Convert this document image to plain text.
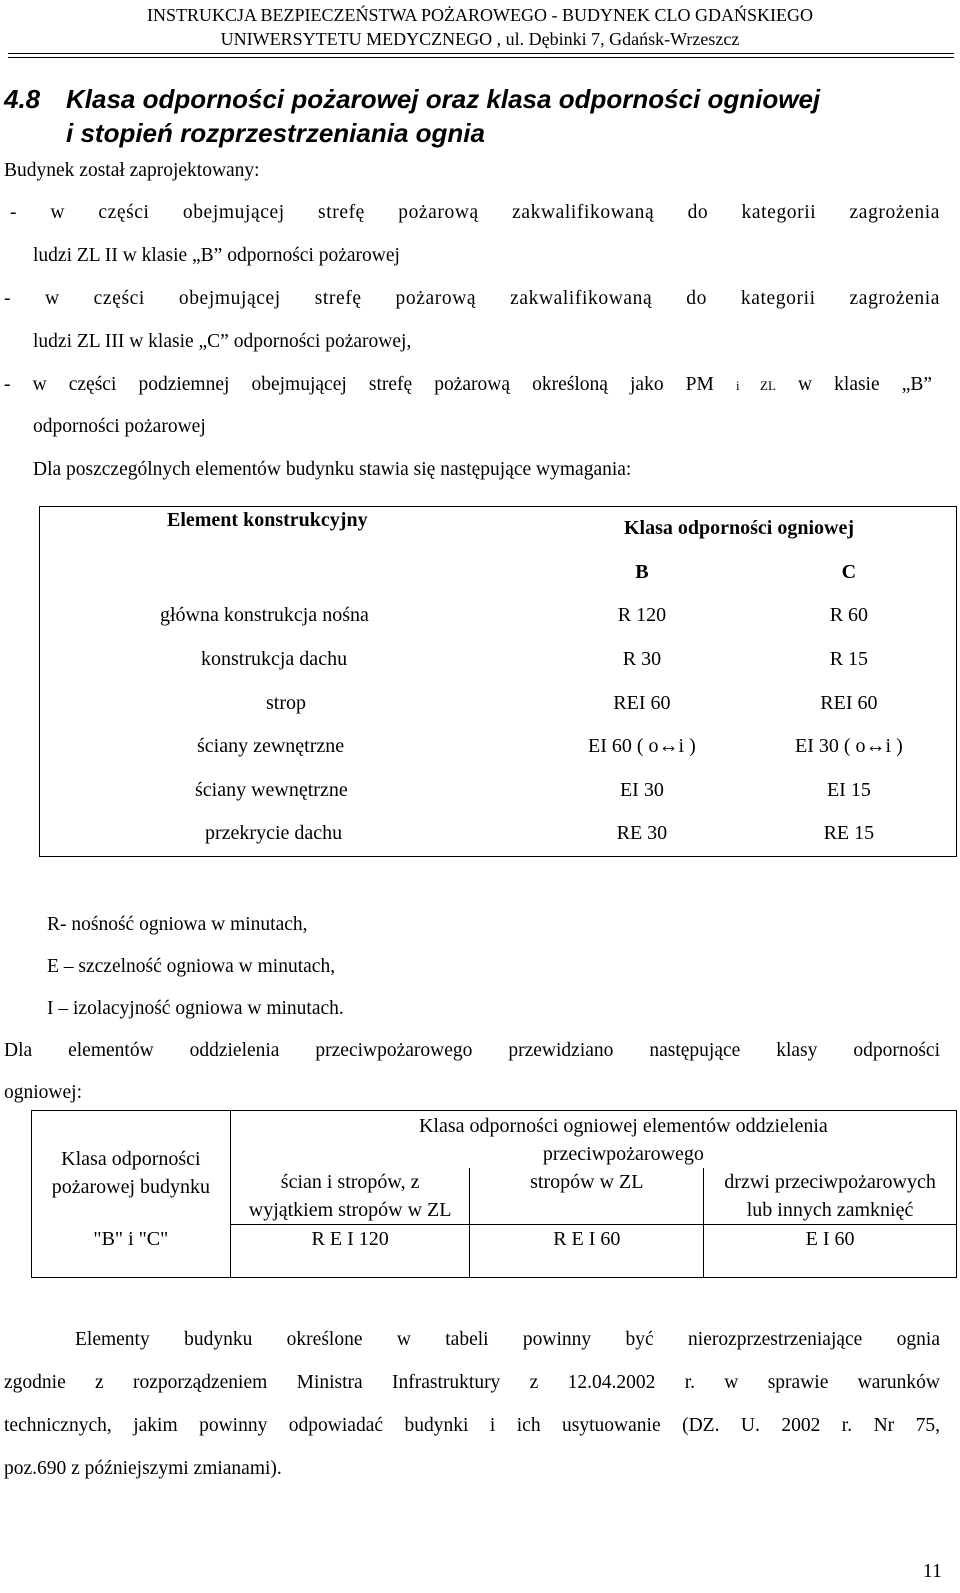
INSTRUKCJA BEZPIECZEŃSTWA POŻAROWEGO - BUDYNEK CLO GDAŃSKIEGO
UNIWERSYTETU MEDYCZNEGO , ul. Dębinki 7, Gdańsk-Wrzeszcz
4.8 Klasa odporności pożarowej oraz klasa odporności ogniowej
i stopień rozprzestrzeniania ognia
Budynek został zaprojektowany:
- w części obejmującej strefę pożarową zakwalifikowaną do kategorii zagrożenia
ludzi ZL II w klasie „B” odporności pożarowej
- w części obejmującej strefę pożarową zakwalifikowaną do kategorii zagrożenia
ludzi ZL III w klasie „C” odporności pożarowej,
- w części podziemnej obejmującej strefę pożarową określoną jako PM i ZL w klasie „B”
odporności pożarowej
Dla poszczególnych elementów budynku stawia się następujące wymagania:
Element konstrukcyjny	Klasa odporności ogniowej	
	B	C
główna konstrukcja nośna	R 120	R 60
konstrukcja dachu	R 30	R 15
strop	REI 60	REI 60
ściany zewnętrzne	EI 60 ( o↔i )	EI 30 ( o↔i )
ściany wewnętrzne	EI 30	EI 15
przekrycie dachu	RE 30	RE 15
R- nośność ogniowa w minutach,
E – szczelność ogniowa w minutach,
I – izolacyjność ogniowa w minutach.
Dla elementów oddzielenia przeciwpożarowego przewidziano następujące klasy odporności
ogniowej:
Klasa odporności pożarowej budynku	Klasa odporności ogniowej elementów oddzielenia przeciwpożarowego		
	ścian i stropów, z wyjątkiem stropów w ZL	stropów w ZL	drzwi przeciwpożarowych lub innych zamknięć
"B" i "C"	R E I 120	R E I 60	E I 60
Elementy budynku określone w tabeli powinny być nierozprzestrzeniające ognia
zgodnie z rozporządzeniem Ministra Infrastruktury z 12.04.2002 r. w sprawie warunków
technicznych, jakim powinny odpowiadać budynki i ich usytuowanie (DZ. U. 2002 r. Nr 75,
poz.690 z późniejszymi zmianami).
11
